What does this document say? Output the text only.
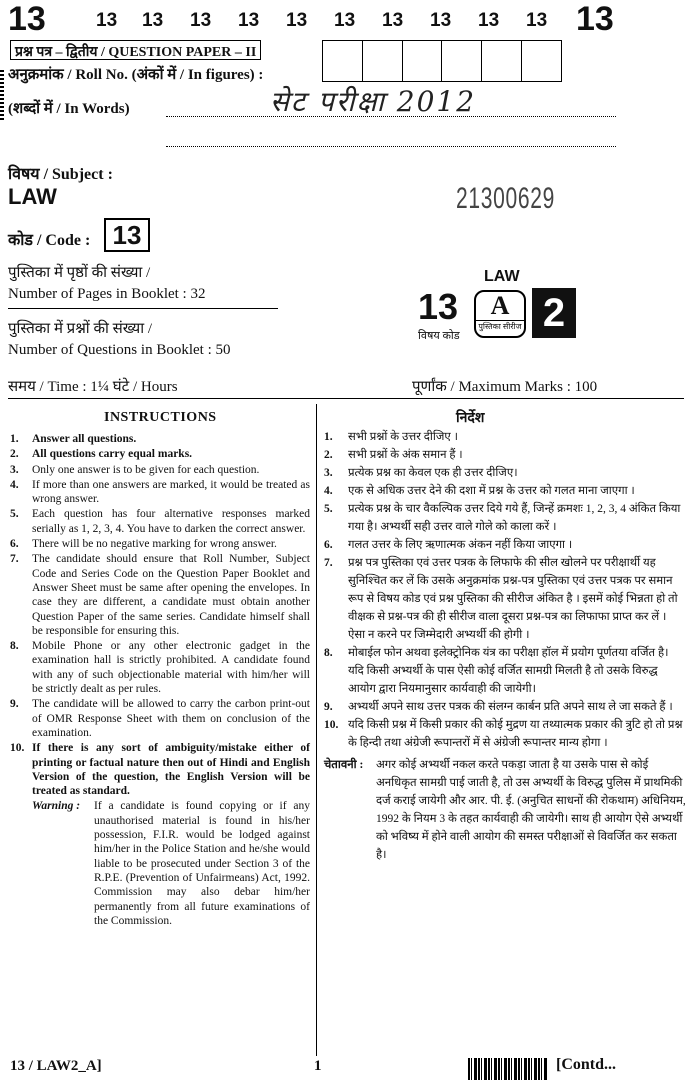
13	13 13 13 13 13 13 13 13 13 13 13
प्रश्न पत्र – द्वितीय / QUESTION PAPER – II
अनुक्रमांक / Roll No. (अंकों में / In figures) :
(शब्दों में / In Words)	सेट परीक्षा 2012
विषय / Subject :
LAW	21300629
कोड / Code : 13
पुस्तिका में पृष्ठों की संख्या /
Number of Pages in Booklet : 32
पुस्तिका में प्रश्नों की संख्या /
Number of Questions in Booklet : 50
LAW
13	A
पुस्तिका सीरीज 2
विषय कोड
समय / Time : 1¼ घंटे / Hours	पूर्णांक / Maximum Marks : 100
INSTRUCTIONS	निर्देश
1.	Answer all questions.
2.	All questions carry equal marks.
3.	Only one answer is to be given for each question.
4.	If more than one answers are marked, it would be treated as wrong answer.
5.	Each question has four alternative responses marked serially as 1, 2, 3, 4. You have to darken the correct answer.
6.	There will be no negative marking for wrong answer.
7.	The candidate should ensure that Roll Number, Subject Code and Series Code on the Question Paper Booklet and Answer Sheet must be same after opening the envelopes. In case they are different, a candidate must obtain another Question Paper of the same series. Candidate himself shall be responsible for ensuring this.
8.	Mobile Phone or any other electronic gadget in the examination hall is strictly prohibited. A candidate found with any of such objectionable material with him/her will be strictly dealt as per rules.
9.	The candidate will be allowed to carry the carbon print-out of OMR Response Sheet with them on conclusion of the examination.
10. If there is any sort of ambiguity/mistake either of printing or factual nature then out of Hindi and English Version of the question, the English Version will be treated as standard.
Warning :	If a candidate is found copying or if any unauthorised material is found in his/her possession, F.I.R. would be lodged against him/her in the Police Station and he/she would liable to be prosecuted under Section 3 of the R.P.E. (Prevention of Unfairmeans) Act, 1992. Commission may also debar him/her permanently from all future examinations of the Commission.
1.	सभी प्रश्नों के उत्तर दीजिए ।
2.	सभी प्रश्नों के अंक समान हैं ।
3.	प्रत्येक प्रश्न का केवल एक ही उत्तर दीजिए।
4.	एक से अधिक उत्तर देने की दशा में प्रश्न के उत्तर को गलत माना जाएगा ।
5.	प्रत्येक प्रश्न के चार वैकल्पिक उत्तर दिये गये हैं, जिन्हें क्रमशः 1, 2, 3, 4 अंकित किया गया है। अभ्यर्थी सही उत्तर वाले गोले को काला करें ।
6.	गलत उत्तर के लिए ऋणात्मक अंकन नहीं किया जाएगा ।
7.	प्रश्न पत्र पुस्तिका एवं उत्तर पत्रक के लिफाफे की सील खोलने पर परीक्षार्थी यह सुनिश्चित कर लें कि उसके अनुक्रमांक प्रश्न-पत्र पुस्तिका एवं उत्तर पत्रक पर समान रूप से विषय कोड एवं प्रश्न पुस्तिका की सीरीज अंकित है । इसमें कोई भिन्नता हो तो वीक्षक से प्रश्न-पत्र की ही सीरीज वाला दूसरा प्रश्न-पत्र का लिफाफा प्राप्त कर लें । ऐसा न करने पर जिम्मेदारी अभ्यर्थी की होगी ।
8.	मोबाईल फोन अथवा इलेक्ट्रोनिक यंत्र का परीक्षा हॉल में प्रयोग पूर्णतया वर्जित है। यदि किसी अभ्यर्थी के पास ऐसी कोई वर्जित सामग्री मिलती है तो उसके विरुद्ध आयोग द्वारा नियमानुसार कार्यवाही की जायेगी।
9.	अभ्यर्थी अपने साथ उत्तर पत्रक की संलग्न कार्बन प्रति अपने साथ ले जा सकते हैं ।
10. यदि किसी प्रश्न में किसी प्रकार की कोई मुद्रण या तथ्यात्मक प्रकार की त्रुटि हो तो प्रश्न के हिन्दी तथा अंग्रेजी रूपान्तरों में से अंग्रेजी रूपान्तर मान्य होगा ।
चेतावनी :	अगर कोई अभ्यर्थी नकल करते पकड़ा जाता है या उसके पास से कोई अनधिकृत सामग्री पाई जाती है, तो उस अभ्यर्थी के विरुद्ध पुलिस में प्राथमिकी दर्ज कराई जायेगी और आर. पी. ई. (अनुचित साधनों की रोकथाम) अधिनियम, 1992 के नियम 3 के तहत कार्यवाही की जायेगी। साथ ही आयोग ऐसे अभ्यर्थी को भविष्य में होने वाली आयोग की समस्त परीक्षाओं से विवर्जित कर सकता है।
13 / LAW2_A]	1	[Contd...
